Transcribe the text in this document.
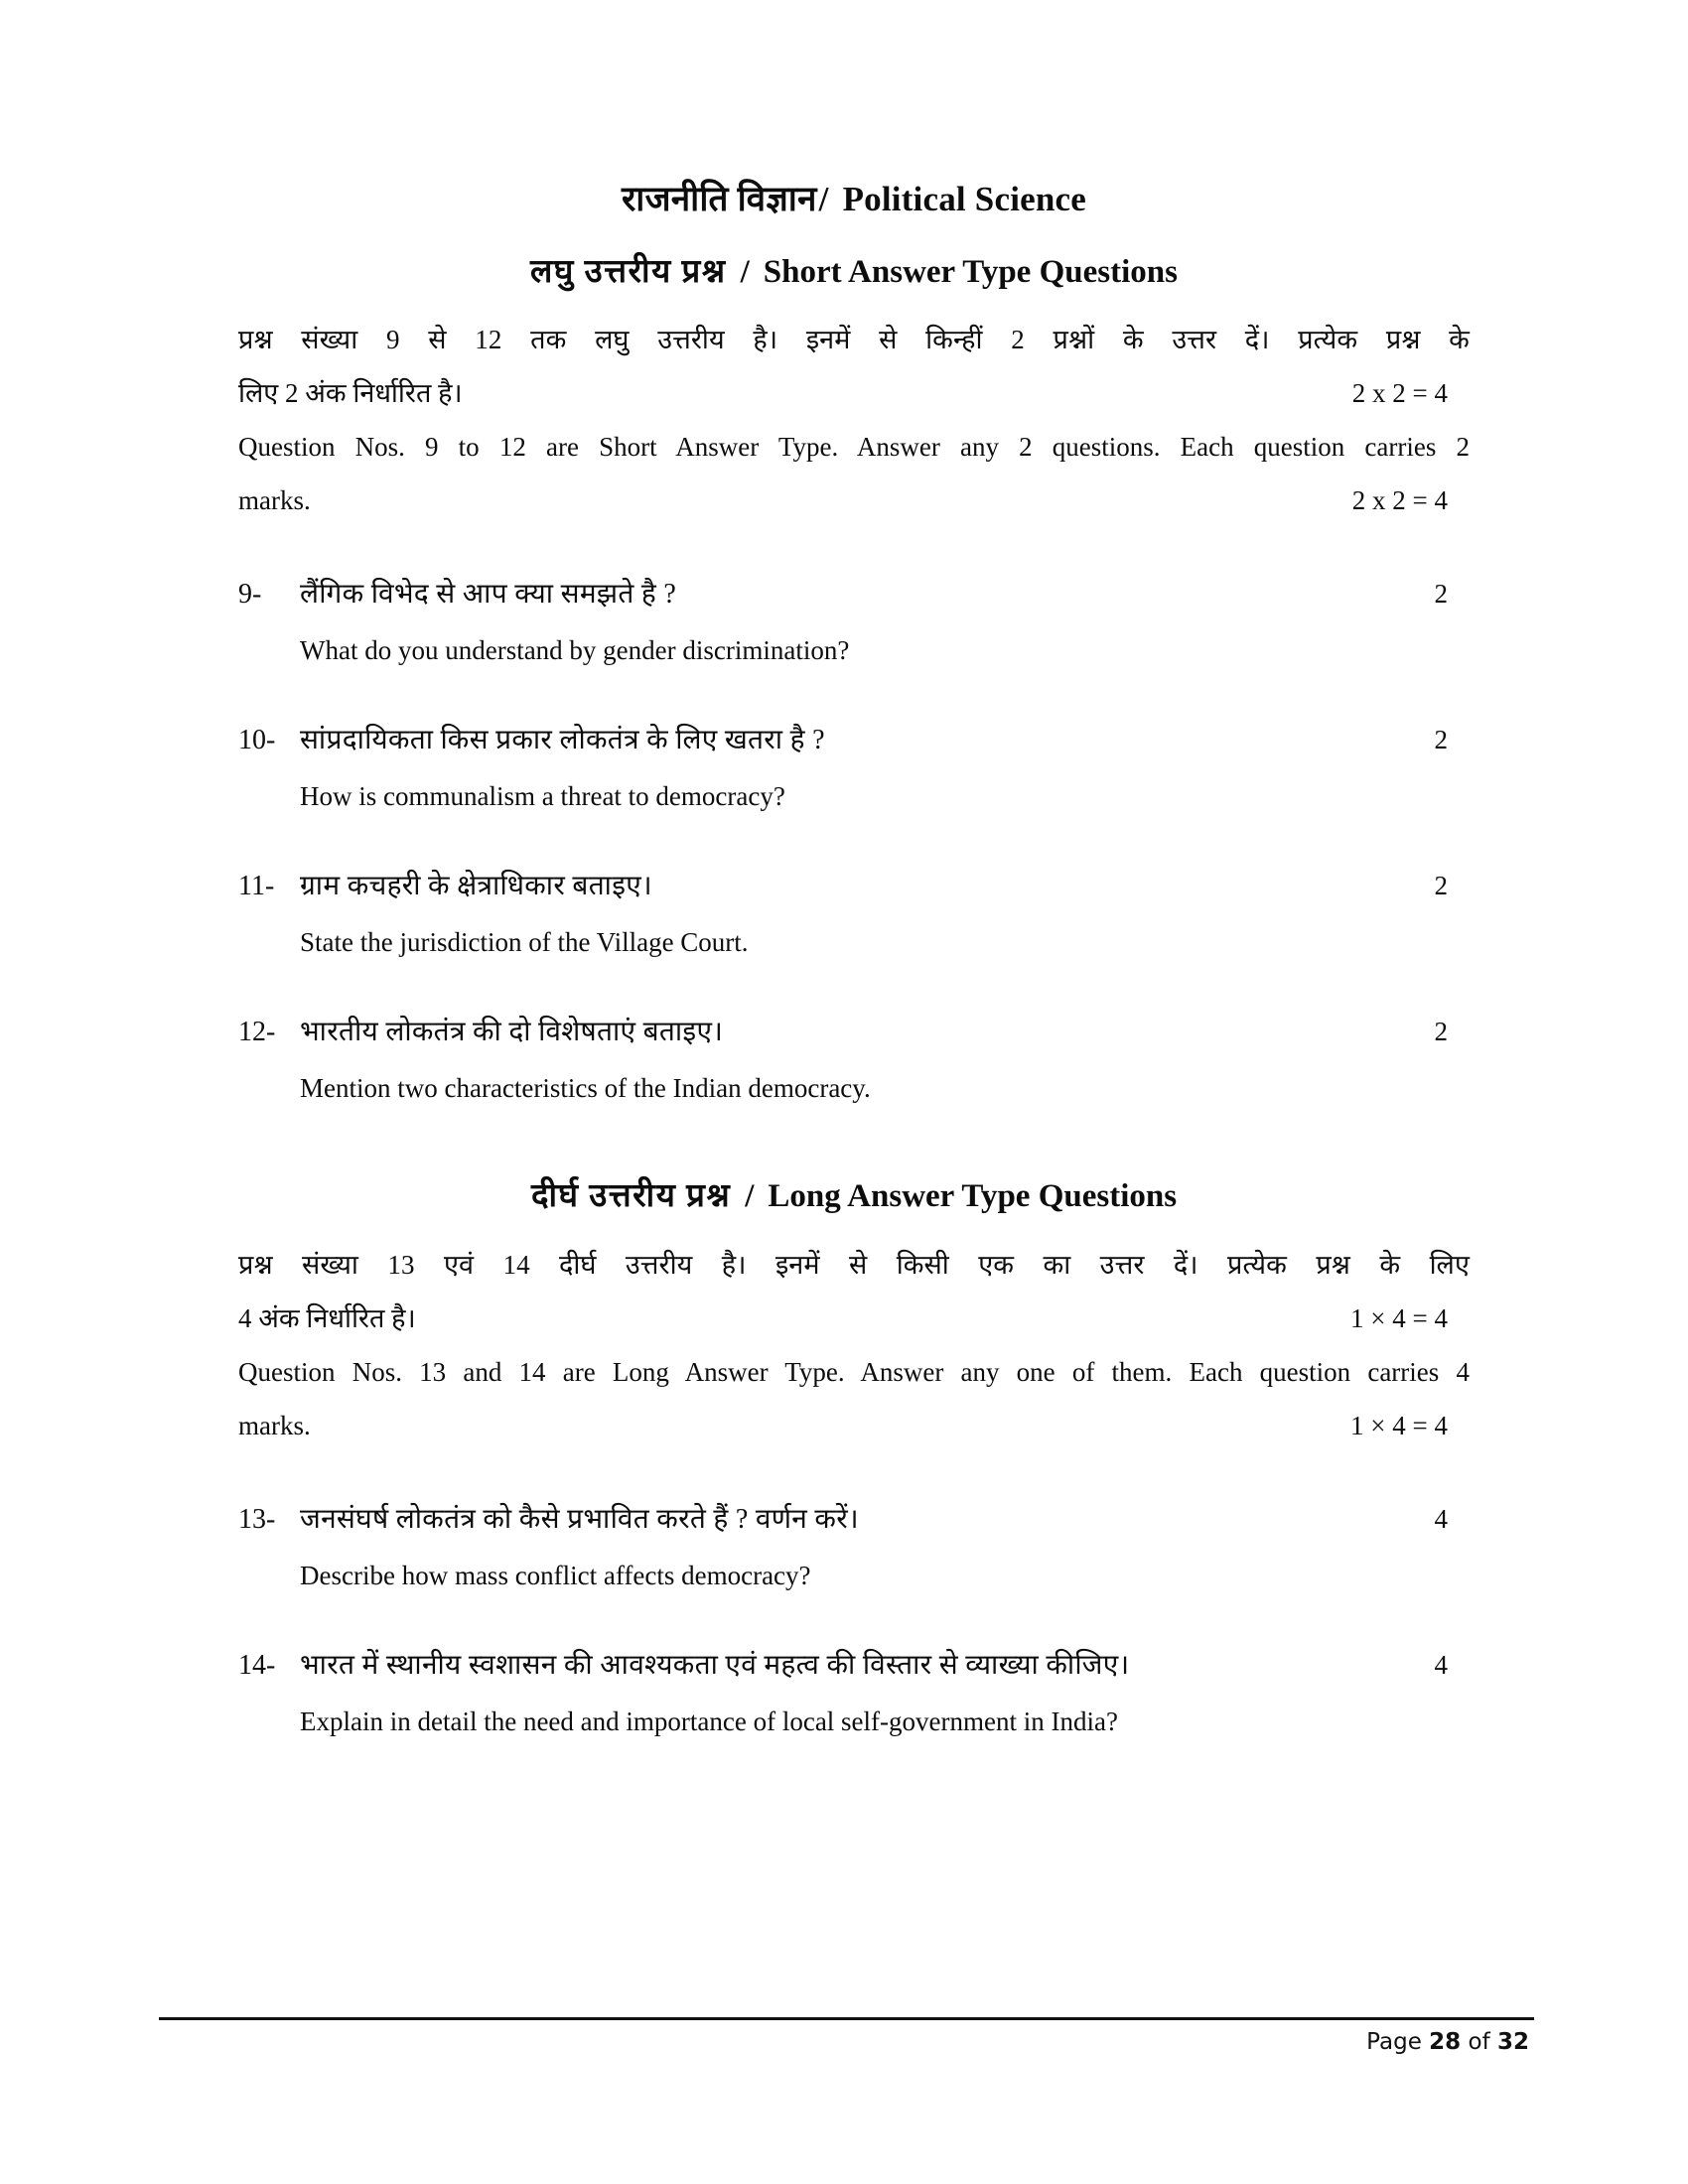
राजनीति विज्ञान/ Political Science
लघु उत्तरीय प्रश्न / Short Answer Type Questions
प्रश्न संख्या 9 से 12 तक लघु उत्तरीय है। इनमें से किन्हीं 2 प्रश्नों के उत्तर दें। प्रत्येक प्रश्न के
लिए 2 अंक निर्धारित है।	2 x 2 = 4
Question Nos. 9 to 12 are Short Answer Type. Answer any 2 questions. Each question carries 2
marks.	2 x 2 = 4
9-	लैंगिक विभेद से आप क्या समझते है ?	2
What do you understand by gender discrimination?
10- सांप्रदायिकता किस प्रकार लोकतंत्र के लिए खतरा है ?	2
How is communalism a threat to democracy?
11- ग्राम कचहरी के क्षेत्राधिकार बताइए।	2
State the jurisdiction of the Village Court.
12- भारतीय लोकतंत्र की दो विशेषताएं बताइए।	2
Mention two characteristics of the Indian democracy.
दीर्घ उत्तरीय प्रश्न / Long Answer Type Questions
प्रश्न संख्या 13 एवं 14 दीर्घ उत्तरीय है। इनमें से किसी एक का उत्तर दें। प्रत्येक प्रश्न के लिए
4 अंक निर्धारित है।	1 × 4 = 4
Question Nos. 13 and 14 are Long Answer Type. Answer any one of them. Each question carries 4
marks.	1 × 4 = 4
13- जनसंघर्ष लोकतंत्र को कैसे प्रभावित करते हैं ? वर्णन करें।	4
Describe how mass conflict affects democracy?
14- भारत में स्थानीय स्वशासन की आवश्यकता एवं महत्व की विस्तार से व्याख्या कीजिए।	4
Explain in detail the need and importance of local self-government in India?
Page 28 of 32
